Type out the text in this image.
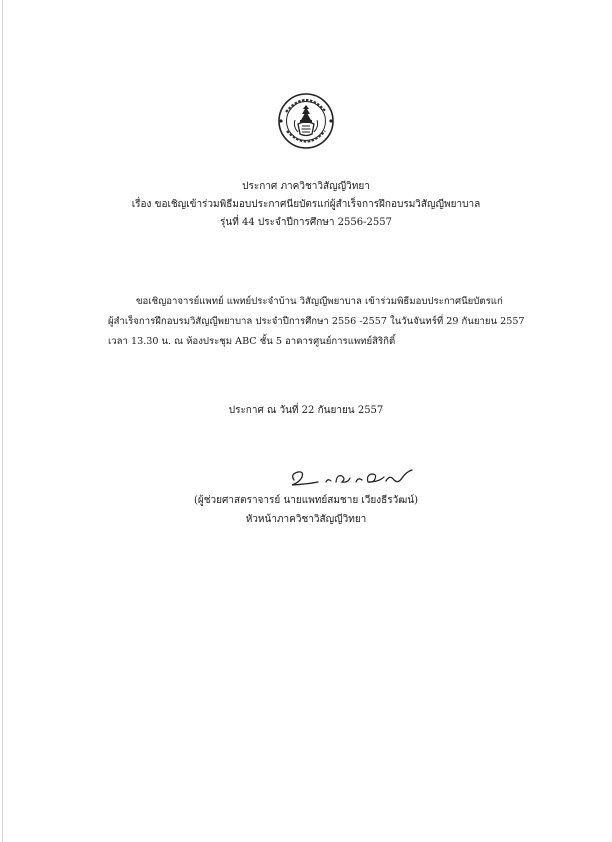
ประกาศ ภาควิชาวิสัญญีวิทยา
เรื่อง ขอเชิญเข้าร่วมพิธีมอบประกาศนียบัตรแก่ผู้สำเร็จการฝึกอบรมวิสัญญีพยาบาล
รุ่นที่ 44 ประจำปีการศึกษา 2556-2557
ขอเชิญอาจารย์แพทย์ แพทย์ประจำบ้าน วิสัญญีพยาบาล เข้าร่วมพิธีมอบประกาศนียบัตรแก่
ผู้สำเร็จการฝึกอบรมวิสัญญีพยาบาล ประจำปีการศึกษา 2556 -2557 ในวันจันทร์ที่ 29 กันยายน 2557
เวลา 13.30 น. ณ ห้องประชุม ABC ชั้น 5 อาคารศูนย์การแพทย์สิริกิติ์
ประกาศ ณ วันที่ 22 กันยายน 2557
(ผู้ช่วยศาสตราจารย์ นายแพทย์สมชาย เวียงธีรวัฒน์)
หัวหน้าภาควิชาวิสัญญีวิทยา
